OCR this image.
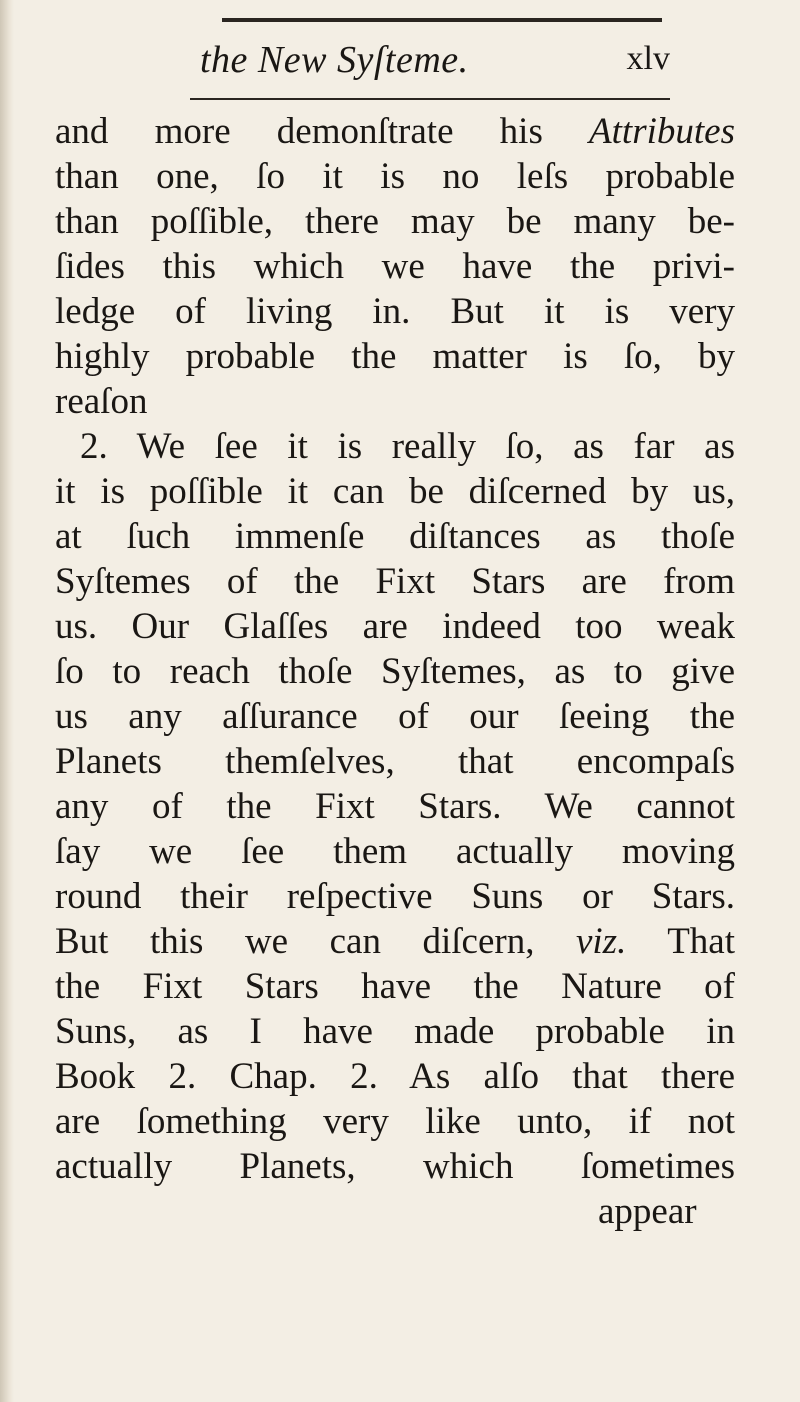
the New Syſteme.	xlv
and more demonſtrate his Attributes
than one, ſo it is no leſs probable
than poſſible, there may be many be-
ſides this which we have the privi-
ledge of living in. But it is very
highly probable the matter is ſo, by
reaſon
2. We ſee it is really ſo, as far as
it is poſſible it can be diſcerned by us,
at ſuch immenſe diſtances as thoſe
Syſtemes of the Fixt Stars are from
us. Our Glaſſes are indeed too weak
ſo to reach thoſe Syſtemes, as to give
us any aſſurance of our ſeeing the
Planets themſelves, that encompaſs
any of the Fixt Stars. We cannot
ſay we ſee them actually moving
round their reſpective Suns or Stars.
But this we can diſcern, viz. That
the Fixt Stars have the Nature of
Suns, as I have made probable in
Book 2. Chap. 2. As alſo that there
are ſomething very like unto, if not
actually Planets, which ſometimes
appear
